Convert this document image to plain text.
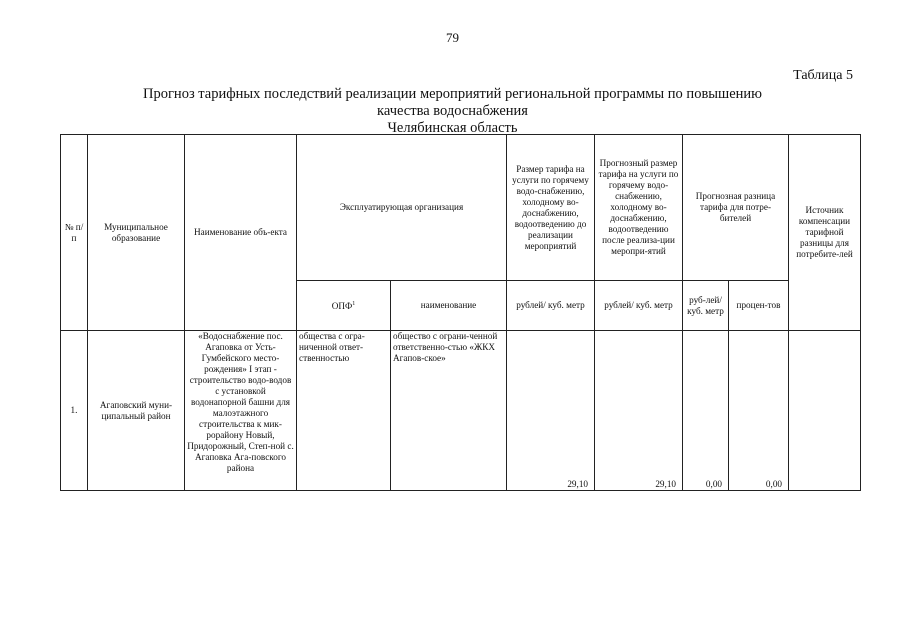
79
Таблица 5
Прогноз тарифных последствий реализации мероприятий региональной программы по повышению
качества водоснабжения
Челябинская область
№ п/п	Муниципальное образование	Наименование объ-екта	Эксплуатирующая организация		Размер тарифа на услуги по горячему водо-снабжению, холодному во-доснабжению, водоотведению до реализации мероприятий	Прогнозный размер тарифа на услуги по горячему водо-снабжению, холодному во-доснабжению, водоотведению после реализа-ции меропри-ятий	Прогнозная разница тарифа для потре-бителей		Источник компенсации тарифной разницы для потребите-лей
			ОПФ$^1$	наименование	рублей/ куб. метр	рублей/ куб. метр	руб-лей/ куб. метр	процен-тов	
1.	Агаповский муни-ципальный район	«Водоснабжение пос. Агаповка от Усть-Гумбейского место-рождения» I этап - строительство водо-водов с установкой водонапорной башни для малоэтажного строительства к мик-рорайону Новый, Придорожный, Степ-ной с. Агаповка Ага-повского района	общества с огра-ниченной ответ-ственностью	общество с ограни-ченной ответственно-стью «ЖКХ Агапов-ское»	29,10	29,10	0,00	0,00	
